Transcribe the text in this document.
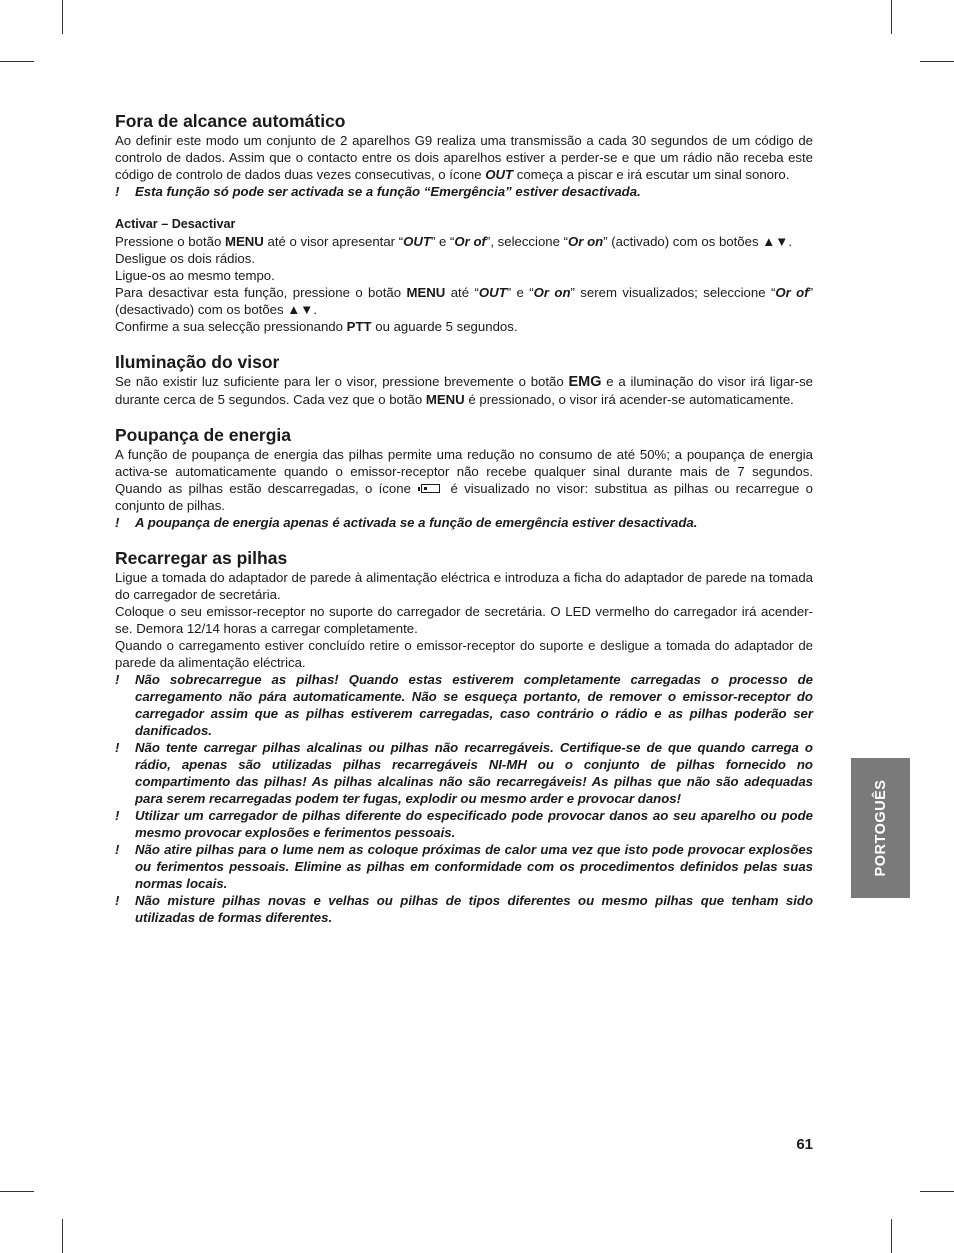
Fora de alcance automático

Ao definir este modo um conjunto de 2 aparelhos G9 realiza uma transmissão a cada 30 segundos de um código de controlo de dados. Assim que o contacto entre os dois aparelhos estiver a perder-se e que um rádio não receba este código de controlo de dados duas vezes consecutivas, o ícone OUT começa a piscar e irá escutar um sinal sonoro.

! Esta função só pode ser activada se a função “Emergência” estiver desactivada.
Activar – Desactivar

Pressione o botão MENU até o visor apresentar “OUT” e “Or of”, seleccione “Or on” (activado) com os botões ▲▼.

Desligue os dois rádios.

Ligue-os ao mesmo tempo.

Para desactivar esta função, pressione o botão MENU até “OUT” e “Or on” serem visualizados; seleccione “Or of” (desactivado) com os botões ▲▼.

Confirme a sua selecção pressionando PTT ou aguarde 5 segundos.

Iluminação do visor

Se não existir luz suficiente para ler o visor, pressione brevemente o botão EMG e a iluminação do visor irá ligar-se durante cerca de 5 segundos. Cada vez que o botão MENU é pressionado, o visor irá acender-se automaticamente.

Poupança de energia

A função de poupança de energia das pilhas permite uma redução no consumo de até 50%; a poupança de energia activa-se automaticamente quando o emissor-receptor não recebe qualquer sinal durante mais de 7 segundos. Quando as pilhas estão descarregadas, o ícone	é visualizado no visor: substitua as pilhas ou recarregue o conjunto de pilhas.

! A poupança de energia apenas é activada se a função de emergência estiver desactivada.
Recarregar as pilhas

Ligue a tomada do adaptador de parede à alimentação eléctrica e introduza a ficha do adaptador de parede na tomada do carregador de secretária.

Coloque o seu emissor-receptor no suporte do carregador de secretária. O LED vermelho do carregador irá acender-se. Demora 12/14 horas a carregar completamente.

Quando o carregamento estiver concluído retire o emissor-receptor do suporte e desligue a tomada do adaptador de parede da alimentação eléctrica.

! Não sobrecarregue as pilhas! Quando estas estiverem completamente carregadas o processo de carregamento não pára automaticamente. Não se esqueça portanto, de remover o emissor-receptor do carregador assim que as pilhas estiverem carregadas, caso contrário o rádio e as pilhas poderão ser danificados.
! Não tente carregar pilhas alcalinas ou pilhas não recarregáveis. Certifique-se de que quando carrega o rádio, apenas são utilizadas pilhas recarregáveis NI-MH ou o conjunto de pilhas fornecido no compartimento das pilhas! As pilhas alcalinas não são recarregáveis! As pilhas que não são adequadas para serem recarregadas podem ter fugas, explodir ou mesmo arder e provocar danos!
! Utilizar um carregador de pilhas diferente do especificado pode provocar danos ao seu aparelho ou pode mesmo provocar explosões e ferimentos pessoais.
! Não atire pilhas para o lume nem as coloque próximas de calor uma vez que isto pode provocar explosões ou ferimentos pessoais. Elimine as pilhas em conformidade com os procedimentos definidos pelas suas normas locais.
! Não misture pilhas novas e velhas ou pilhas de tipos diferentes ou mesmo pilhas que tenham sido utilizadas de formas diferentes.
PORTOGUÊS
61
